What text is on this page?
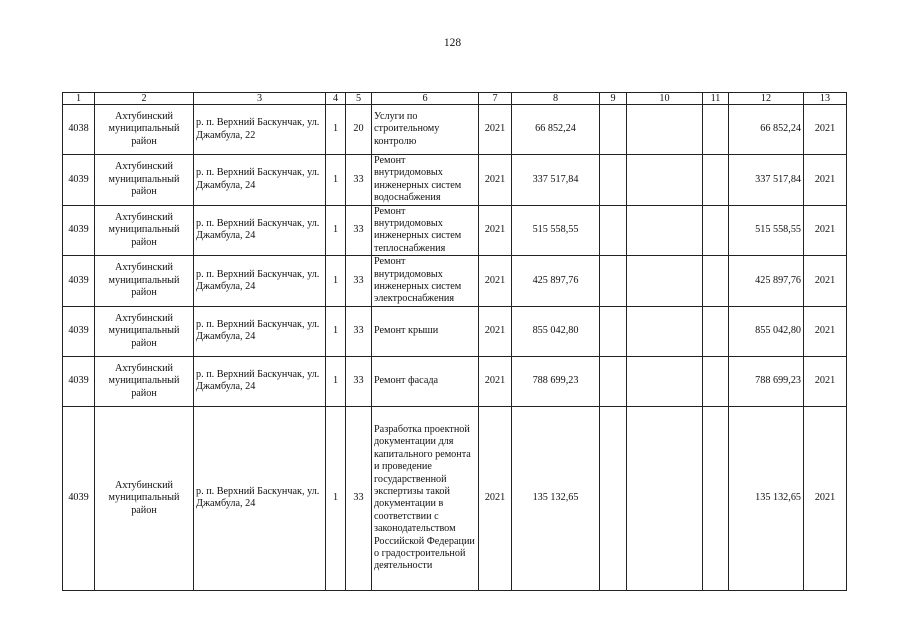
128
1	2	3	4	5	6	7	8	9	10	11	12	13
4038	Ахтубинский муниципальный район	р. п. Верхний Баскунчак, ул. Джамбула, 22	1	20	Услуги по строительному контролю	2021	66 852,24				66 852,24	2021
4039	Ахтубинский муниципальный район	р. п. Верхний Баскунчак, ул. Джамбула, 24	1	33	Ремонт внутридомовых инженерных систем водоснабжения	2021	337 517,84				337 517,84	2021
4039	Ахтубинский муниципальный район	р. п. Верхний Баскунчак, ул. Джамбула, 24	1	33	Ремонт внутридомовых инженерных систем теплоснабжения	2021	515 558,55				515 558,55	2021
4039	Ахтубинский муниципальный район	р. п. Верхний Баскунчак, ул. Джамбула, 24	1	33	Ремонт внутридомовых инженерных систем электроснабжения	2021	425 897,76				425 897,76	2021
4039	Ахтубинский муниципальный район	р. п. Верхний Баскунчак, ул. Джамбула, 24	1	33	Ремонт крыши	2021	855 042,80				855 042,80	2021
4039	Ахтубинский муниципальный район	р. п. Верхний Баскунчак, ул. Джамбула, 24	1	33	Ремонт фасада	2021	788 699,23				788 699,23	2021
4039	Ахтубинский муниципальный район	р. п. Верхний Баскунчак, ул. Джамбула, 24	1	33	Разработка проектной документации для капитального ремонта и проведение государственной экспертизы такой документации в соответствии с законодательством Российской Федерации о градостроительной деятельности	2021	135 132,65				135 132,65	2021
